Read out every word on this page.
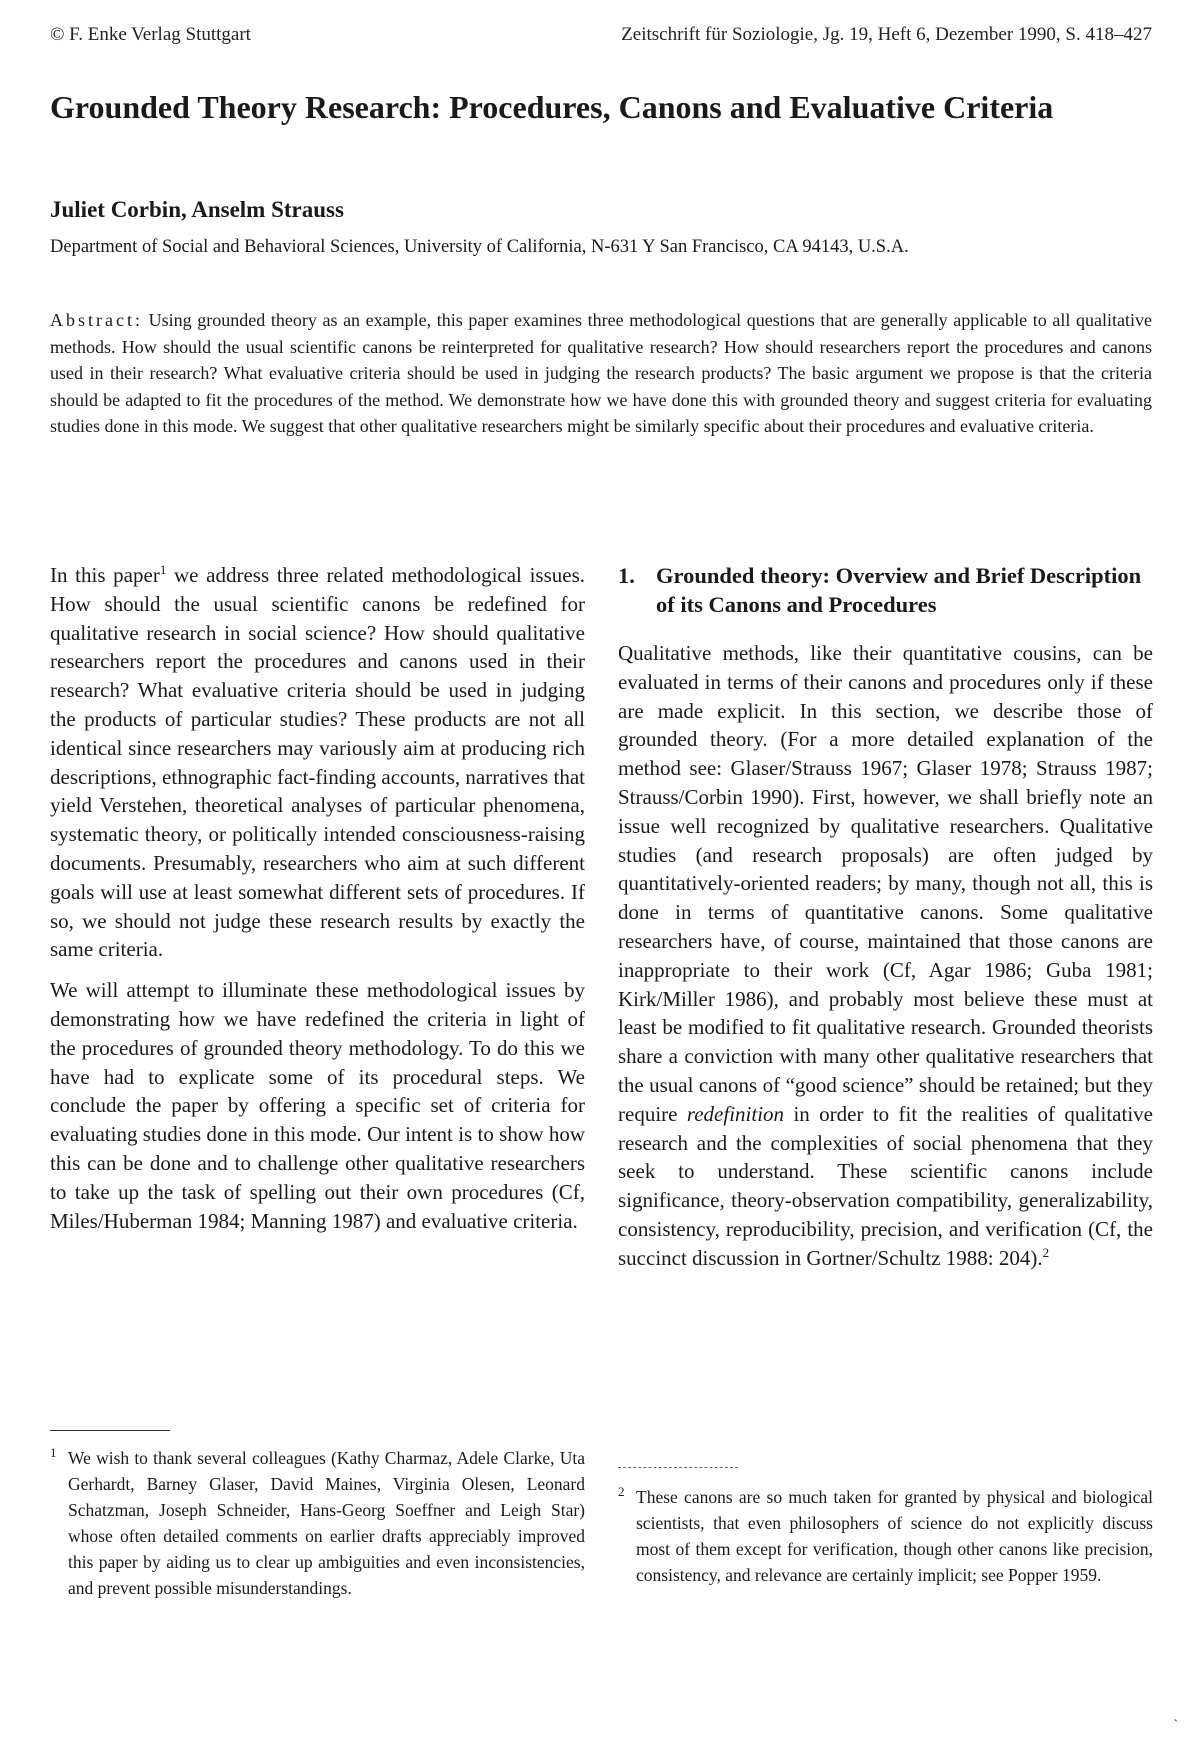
© F. Enke Verlag Stuttgart	Zeitschrift für Soziologie, Jg. 19, Heft 6, Dezember 1990, S. 418–427
Grounded Theory Research: Procedures, Canons and Evaluative Criteria
Juliet Corbin, Anselm Strauss
Department of Social and Behavioral Sciences, University of California, N-631 Y San Francisco, CA 94143, U.S.A.

Abstract: Using grounded theory as an example, this paper examines three methodological questions that are generally applicable to all qualitative methods. How should the usual scientific canons be reinterpreted for qualitative research? How should researchers report the procedures and canons used in their research? What evaluative criteria should be used in judging the research products? The basic argument we propose is that the criteria should be adapted to fit the procedures of the method. We demonstrate how we have done this with grounded theory and suggest criteria for evaluating studies done in this mode. We suggest that other qualitative researchers might be similarly specific about their procedures and evaluative criteria.

In this paper$^1$ we address three related methodological issues. How should the usual scientific canons be redefined for qualitative research in social science? How should qualitative researchers report the procedures and canons used in their research? What evaluative criteria should be used in judging the products of particular studies? These products are not all identical since researchers may variously aim at producing rich descriptions, ethnographic fact-finding accounts, narratives that yield Verstehen, theoretical analyses of particular phenomena, systematic theory, or politically intended consciousness-raising documents. Presumably, researchers who aim at such different goals will use at least somewhat different sets of procedures. If so, we should not judge these research results by exactly the same criteria.

We will attempt to illuminate these methodological issues by demonstrating how we have redefined the criteria in light of the procedures of grounded theory methodology. To do this we have had to explicate some of its procedural steps. We conclude the paper by offering a specific set of criteria for evaluating studies done in this mode. Our intent is to show how this can be done and to challenge other qualitative researchers to take up the task of spelling out their own procedures (Cf, Miles/Huberman 1984; Manning 1987) and evaluative criteria.

1. Grounded theory: Overview and Brief Description of its Canons and Procedures

Qualitative methods, like their quantitative cousins, can be evaluated in terms of their canons and procedures only if these are made explicit. In this section, we describe those of grounded theory. (For a more detailed explanation of the method see: Glaser/Strauss 1967; Glaser 1978; Strauss 1987; Strauss/Corbin 1990). First, however, we shall briefly note an issue well recognized by qualitative researchers. Qualitative studies (and research proposals) are often judged by quantitatively-oriented readers; by many, though not all, this is done in terms of quantitative canons. Some qualitative researchers have, of course, maintained that those canons are inappropriate to their work (Cf, Agar 1986; Guba 1981; Kirk/Miller 1986), and probably most believe these must at least be modified to fit qualitative research. Grounded theorists share a conviction with many other qualitative researchers that the usual canons of “good science” should be retained; but they require redefinition in order to fit the realities of qualitative research and the complexities of social phenomena that they seek to understand. These scientific canons include significance, theory-observation compatibility, generalizability, consistency, reproducibility, precision, and verification (Cf, the succinct discussion in Gortner/Schultz 1988: 204).$^2$

1 We wish to thank several colleagues (Kathy Charmaz, Adele Clarke, Uta Gerhardt, Barney Glaser, David Maines, Virginia Olesen, Leonard Schatzman, Joseph Schneider, Hans-Georg Soeffner and Leigh Star) whose often detailed comments on earlier drafts appreciably improved this paper by aiding us to clear up ambiguities and even inconsistencies, and prevent possible misunderstandings.

2 These canons are so much taken for granted by physical and biological scientists, that even philosophers of science do not explicitly discuss most of them except for verification, though other canons like precision, consistency, and relevance are certainly implicit; see Popper 1959.

`
